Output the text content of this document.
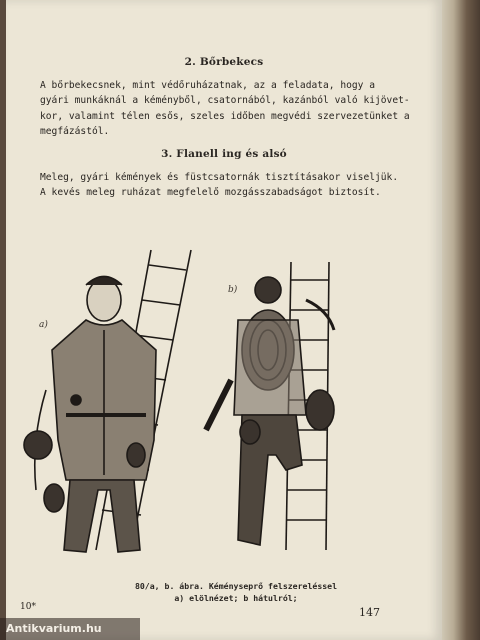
2. Bőrbekecs
A bőrbekecsnek, mint védőruházatnak, az a feladata, hogy a
gyári munkáknál a kéményből, csatornából, kazánból való kijövet-
kor, valamint télen esős, szeles időben megvédi szervezetünket a
megfázástól.
3. Flanell ing és alsó
Meleg, gyári kémények és füstcsatornák tisztításakor viseljük.
A kevés meleg ruházat megfelelő mozgásszabadságot biztosít.
a)
b)
80/a, b. ábra. Kéményseprő felszereléssel
a) elölnézet; b hátulról;
10*	147
Antikvarium.hu
